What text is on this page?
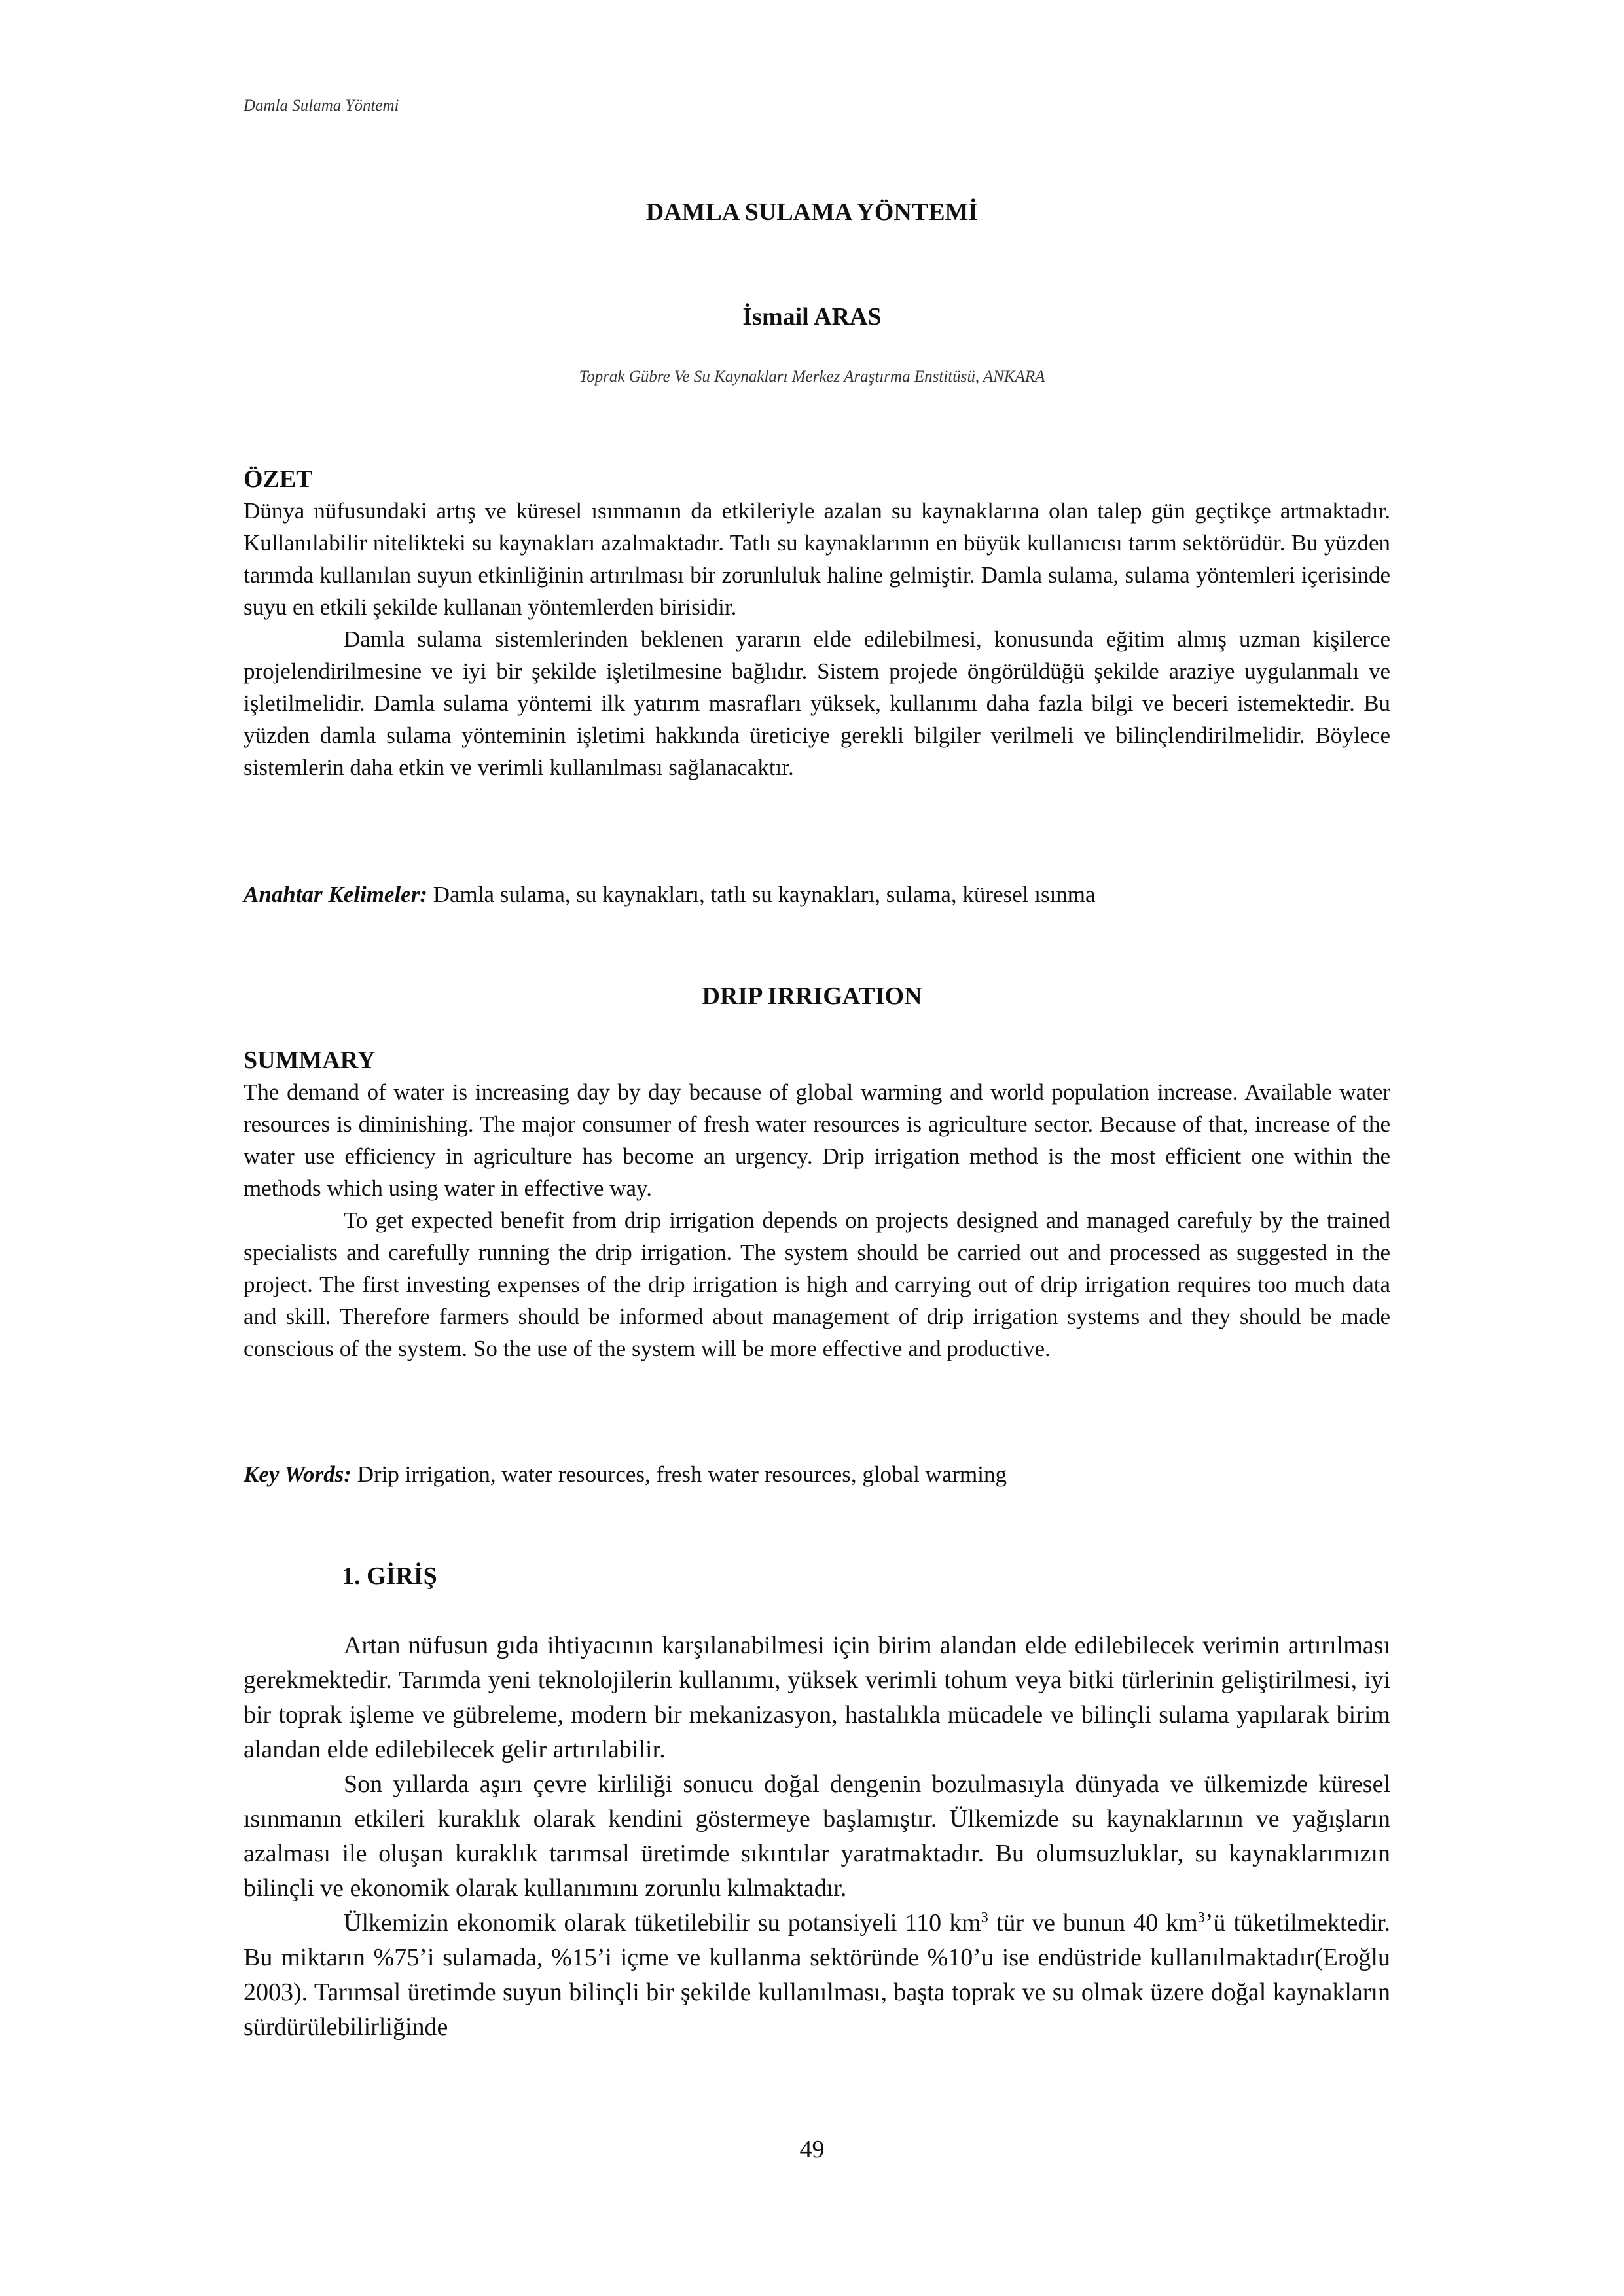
Damla Sulama Yöntemi
DAMLA SULAMA YÖNTEMİ
İsmail ARAS
Toprak Gübre Ve Su Kaynakları Merkez Araştırma Enstitüsü, ANKARA
ÖZET

Dünya nüfusundaki artış ve küresel ısınmanın da etkileriyle azalan su kaynaklarına olan talep gün geçtikçe artmaktadır. Kullanılabilir nitelikteki su kaynakları azalmaktadır. Tatlı su kaynaklarının en büyük kullanıcısı tarım sektörüdür. Bu yüzden tarımda kullanılan suyun etkinliğinin artırılması bir zorunluluk haline gelmiştir. Damla sulama, sulama yöntemleri içerisinde suyu en etkili şekilde kullanan yöntemlerden birisidir.

Damla sulama sistemlerinden beklenen yararın elde edilebilmesi, konusunda eğitim almış uzman kişilerce projelendirilmesine ve iyi bir şekilde işletilmesine bağlıdır. Sistem projede öngörüldüğü şekilde araziye uygulanmalı ve işletilmelidir. Damla sulama yöntemi ilk yatırım masrafları yüksek, kullanımı daha fazla bilgi ve beceri istemektedir. Bu yüzden damla sulama yönteminin işletimi hakkında üreticiye gerekli bilgiler verilmeli ve bilinçlendirilmelidir. Böylece sistemlerin daha etkin ve verimli kullanılması sağlanacaktır.

Anahtar Kelimeler: Damla sulama, su kaynakları, tatlı su kaynakları, sulama, küresel ısınma
DRIP IRRIGATION
SUMMARY

The demand of water is increasing day by day because of global warming and world population increase. Available water resources is diminishing. The major consumer of fresh water resources is agriculture sector. Because of that, increase of the water use efficiency in agriculture has become an urgency. Drip irrigation method is the most efficient one within the methods which using water in effective way.

To get expected benefit from drip irrigation depends on projects designed and managed carefuly by the trained specialists and carefully running the drip irrigation. The system should be carried out and processed as suggested in the project. The first investing expenses of the drip irrigation is high and carrying out of drip irrigation requires too much data and skill. Therefore farmers should be informed about management of drip irrigation systems and they should be made conscious of the system. So the use of the system will be more effective and productive.

Key Words: Drip irrigation, water resources, fresh water resources, global warming
1. GİRİŞ

Artan nüfusun gıda ihtiyacının karşılanabilmesi için birim alandan elde edilebilecek verimin artırılması gerekmektedir. Tarımda yeni teknolojilerin kullanımı, yüksek verimli tohum veya bitki türlerinin geliştirilmesi, iyi bir toprak işleme ve gübreleme, modern bir mekanizasyon, hastalıkla mücadele ve bilinçli sulama yapılarak birim alandan elde edilebilecek gelir artırılabilir.

Son yıllarda aşırı çevre kirliliği sonucu doğal dengenin bozulmasıyla dünyada ve ülkemizde küresel ısınmanın etkileri kuraklık olarak kendini göstermeye başlamıştır. Ülkemizde su kaynaklarının ve yağışların azalması ile oluşan kuraklık tarımsal üretimde sıkıntılar yaratmaktadır. Bu olumsuzluklar, su kaynaklarımızın bilinçli ve ekonomik olarak kullanımını zorunlu kılmaktadır.

Ülkemizin ekonomik olarak tüketilebilir su potansiyeli 110 $km^3$ tür ve bunun 40 $km^3’ü$ tüketilmektedir. Bu miktarın %75’i sulamada, %15’i içme ve kullanma sektöründe %10’u ise endüstride kullanılmaktadır(Eroğlu 2003). Tarımsal üretimde suyun bilinçli bir şekilde kullanılması, başta toprak ve su olmak üzere doğal kaynakların sürdürülebilirliğinde

49
